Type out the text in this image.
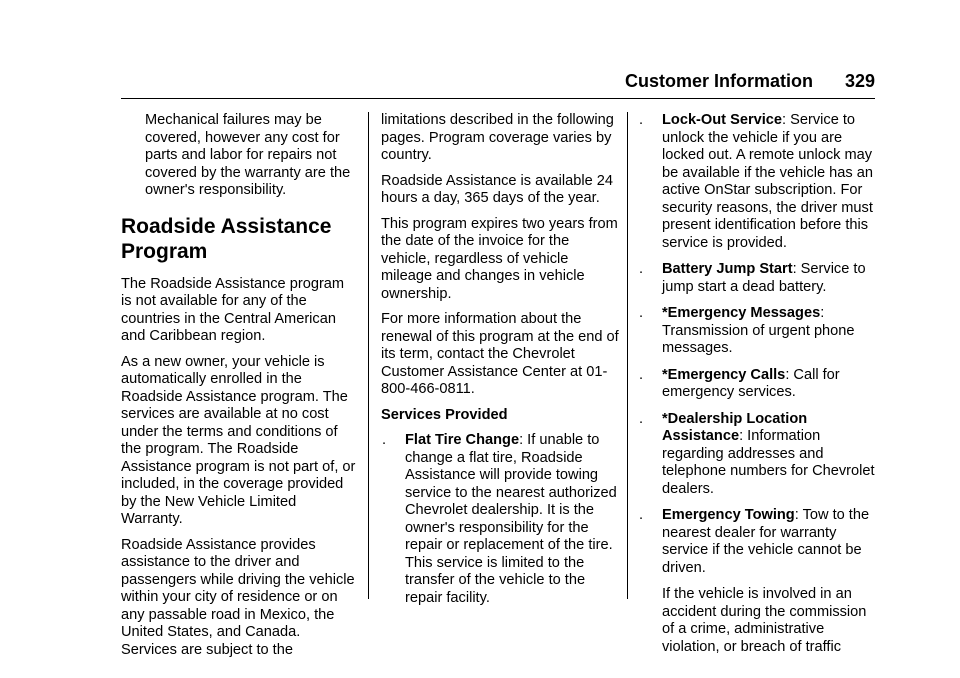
Customer Information 329

Mechanical failures may be covered, however any cost for parts and labor for repairs not covered by the warranty are the owner's responsibility.

Roadside Assistance Program

The Roadside Assistance program is not available for any of the countries in the Central American and Caribbean region.

As a new owner, your vehicle is automatically enrolled in the Roadside Assistance program. The services are available at no cost under the terms and conditions of the program. The Roadside Assistance program is not part of, or included, in the coverage provided by the New Vehicle Limited Warranty.

Roadside Assistance provides assistance to the driver and passengers while driving the vehicle within your city of residence or on any passable road in Mexico, the United States, and Canada. Services are subject to the

limitations described in the following pages. Program coverage varies by country.

Roadside Assistance is available 24 hours a day, 365 days of the year.

This program expires two years from the date of the invoice for the vehicle, regardless of vehicle mileage and changes in vehicle ownership.

For more information about the renewal of this program at the end of its term, contact the Chevrolet Customer Assistance Center at 01-800-466-0811.

Services Provided

. Flat Tire Change: If unable to change a flat tire, Roadside Assistance will provide towing service to the nearest authorized Chevrolet dealership. It is the owner's responsibility for the repair or replacement of the tire. This service is limited to the transfer of the vehicle to the repair facility.
. Lock-Out Service: Service to unlock the vehicle if you are locked out. A remote unlock may be available if the vehicle has an active OnStar subscription. For security reasons, the driver must present identification before this service is provided.
. Battery Jump Start: Service to jump start a dead battery.
. *Emergency Messages: Transmission of urgent phone messages.
. *Emergency Calls: Call for emergency services.
. *Dealership Location Assistance: Information regarding addresses and telephone numbers for Chevrolet dealers.
. Emergency Towing: Tow to the nearest dealer for warranty service if the vehicle cannot be driven.

If the vehicle is involved in an accident during the commission of a crime, administrative violation, or breach of traffic
